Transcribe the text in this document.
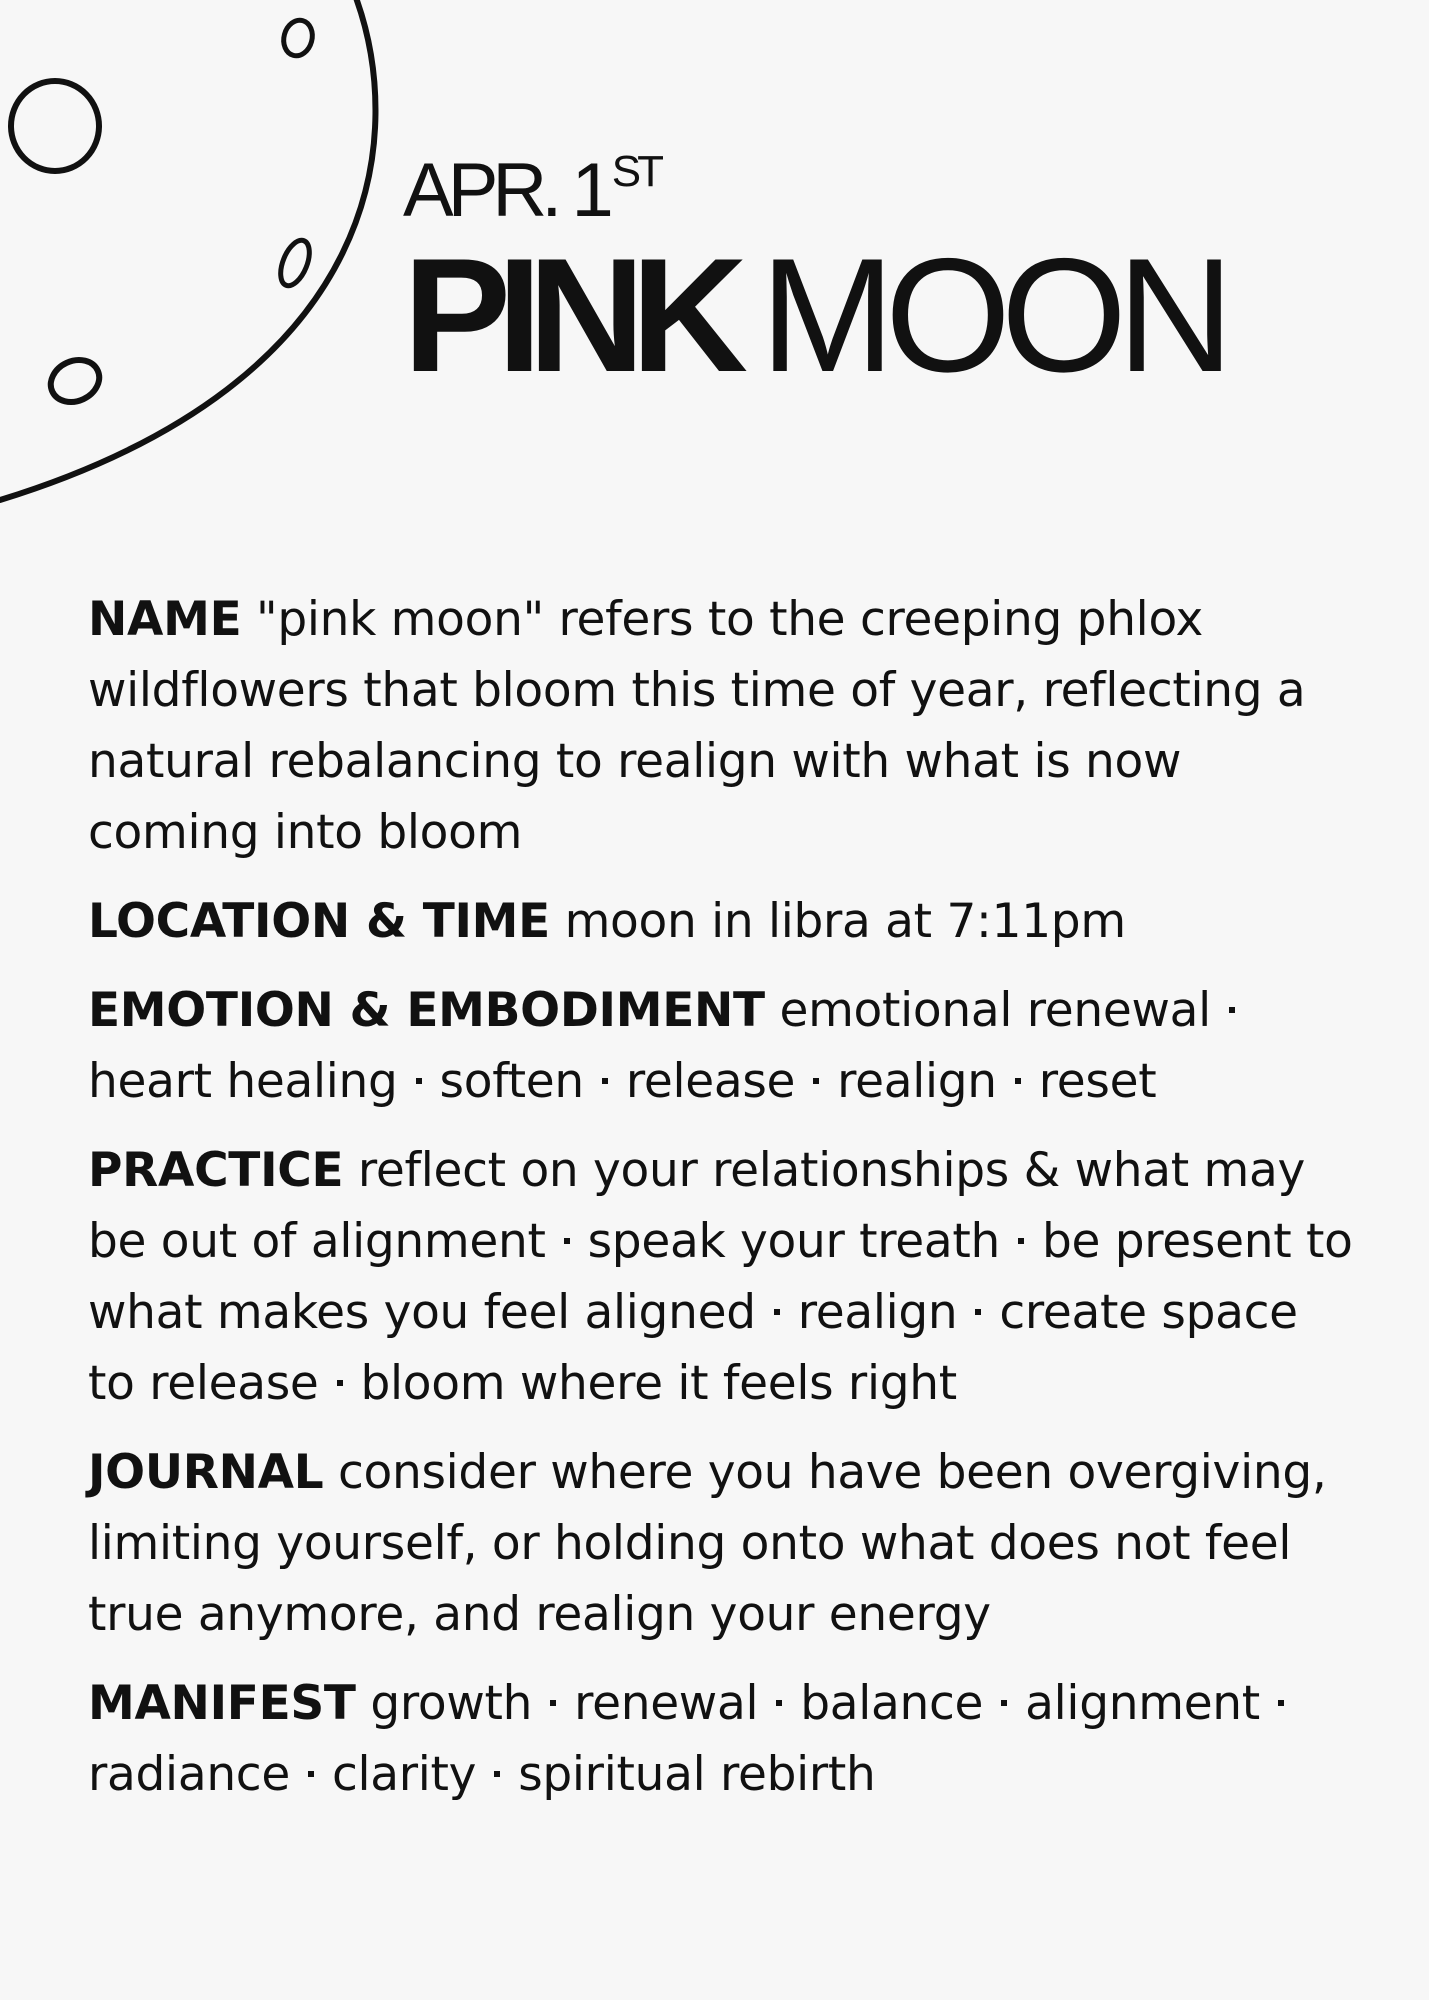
APR. 1ST
PINK MOON

NAME "pink moon" refers to the creeping phlox wildflowers that bloom this time of year, reflecting a natural rebalancing to realign with what is now coming into bloom

LOCATION & TIME moon in libra at 7:11pm

EMOTION & EMBODIMENT emotional renewalheart healing soften release realign reset

PRACTICE reflect on your relationships & what may be out of alignment speak your treath be present to what makes you feel aligned realign create space to release bloom where it feels right

JOURNAL consider where you have been overgiving, limiting yourself, or holding onto what does not feel true anymore, and realign your energy

MANIFEST growth renewal balance alignmentradiance clarity spiritual rebirth
